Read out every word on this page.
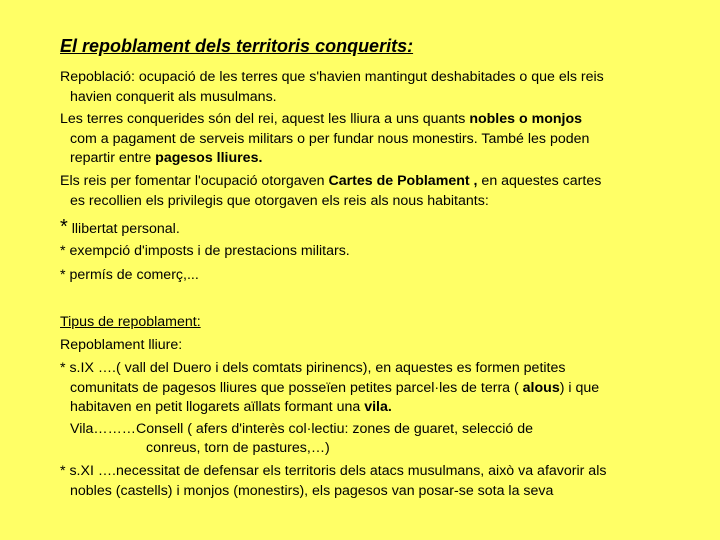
El repoblament dels territoris conquerits:
Repoblació: ocupació de les terres que s'havien mantingut deshabitades o que els reis
havien conquerit als musulmans.
Les terres conquerides són del rei, aquest les lliura a uns quants nobles o monjos
com a pagament de serveis militars o per fundar nous monestirs. També les poden
repartir entre pagesos lliures.
Els reis per fomentar l'ocupació otorgaven Cartes de Poblament , en aquestes cartes
es recollien els privilegis que otorgaven els reis als nous habitants:
* llibertat personal.
* exempció d'imposts i de prestacions militars.
* permís de comerç,...
Tipus de repoblament:
Repoblament lliure:
* s.IX ….( vall del Duero i dels comtats pirinencs), en aquestes es formen petites
comunitats de pagesos lliures que posseïen petites parcel·les de terra ( alous) i que
habitaven en petit llogarets aïllats formant una vila.
Vila………Consell ( afers d'interès col·lectiu: zones de guaret, selecció de
conreus, torn de pastures,…)
* s.XI ….necessitat de defensar els territoris dels atacs musulmans, això va afavorir als
nobles (castells) i monjos (monestirs), els pagesos van posar-se sota la seva
